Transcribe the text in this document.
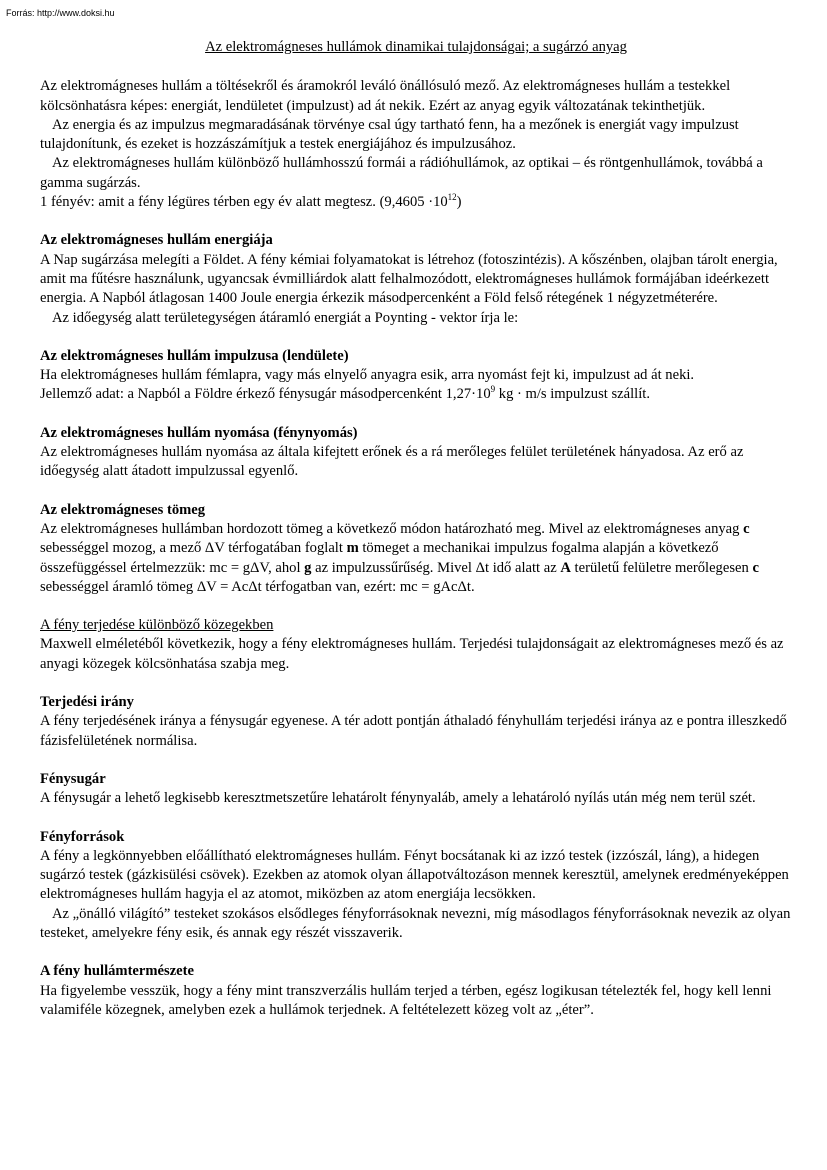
Forrás: http://www.doksi.hu

Az elektromágneses hullámok dinamikai tulajdonságai; a sugárzó anyag

Az elektromágneses hullám a töltésekről és áramokról leváló önállósuló mező. Az elektromágneses hullám a testekkel kölcsönhatásra képes: energiát, lendületet (impulzust) ad át nekik. Ezért az anyag egyik változatának tekinthetjük.

Az energia és az impulzus megmaradásának törvénye csal úgy tartható fenn, ha a mezőnek is energiát vagy impulzust tulajdonítunk, és ezeket is hozzászámítjuk a testek energiájához és impulzusához.

Az elektromágneses hullám különböző hullámhosszú formái a rádióhullámok, az optikai – és röntgenhullámok, továbbá a gamma sugárzás.

1 fényév: amit a fény légüres térben egy év alatt megtesz. $(9,4605 \cdot 10^{12})$

Az elektromágneses hullám energiája

A Nap sugárzása melegíti a Földet. A fény kémiai folyamatokat is létrehoz (fotoszintézis). A kőszénben, olajban tárolt energia, amit ma fűtésre használunk, ugyancsak évmilliárdok alatt felhalmozódott, elektromágneses hullámok formájában ideérkezett energia. A Napból átlagosan 1400 Joule energia érkezik másodpercenként a Föld felső rétegének 1 négyzetméterére.

Az időegység alatt területegységen átáramló energiát a Poynting - vektor írja le:

Az elektromágneses hullám impulzusa (lendülete)

Ha elektromágneses hullám fémlapra, vagy más elnyelő anyagra esik, arra nyomást fejt ki, impulzust ad át neki.

Jellemző adat: a Napból a Földre érkező fénysugár másodpercenként $1,27\cdot 10^9$ kg · m/s impulzust szállít.

Az elektromágneses hullám nyomása (fénynyomás)

Az elektromágneses hullám nyomása az általa kifejtett erőnek és a rá merőleges felület területének hányadosa. Az erő az időegység alatt átadott impulzussal egyenlő.

Az elektromágneses tömeg

Az elektromágneses hullámban hordozott tömeg a következő módon határozható meg. Mivel az elektromágneses anyag c sebességgel mozog, a mező ΔV térfogatában foglalt m tömeget a mechanikai impulzus fogalma alapján a következő összefüggéssel értelmezzük: mc = gΔV, ahol g az impulzussűrűség. Mivel Δt idő alatt az A területű felületre merőlegesen c sebességgel áramló tömeg ΔV = AcΔt térfogatban van, ezért: mc = gAcΔt.

A fény terjedése különböző közegekben

Maxwell elméletéből következik, hogy a fény elektromágneses hullám. Terjedési tulajdonságait az elektromágneses mező és az anyagi közegek kölcsönhatása szabja meg.

Terjedési irány

A fény terjedésének iránya a fénysugár egyenese. A tér adott pontján áthaladó fényhullám terjedési iránya az e pontra illeszkedő fázisfelületének normálisa.

Fénysugár

A fénysugár a lehető legkisebb keresztmetszetűre lehatárolt fénynyaláb, amely a lehatároló nyílás után még nem terül szét.

Fényforrások

A fény a legkönnyebben előállítható elektromágneses hullám. Fényt bocsátanak ki az izzó testek (izzószál, láng), a hidegen sugárzó testek (gázkisülési csövek). Ezekben az atomok olyan állapotváltozáson mennek keresztül, amelynek eredményeképpen elektromágneses hullám hagyja el az atomot, miközben az atom energiája lecsökken.

Az „önálló világító” testeket szokásos elsődleges fényforrásoknak nevezni, míg másodlagos fényforrásoknak nevezik az olyan testeket, amelyekre fény esik, és annak egy részét visszaverik.

A fény hullámtermészete

Ha figyelembe vesszük, hogy a fény mint transzverzális hullám terjed a térben, egész logikusan tételezték fel, hogy kell lenni valamiféle közegnek, amelyben ezek a hullámok terjednek. A feltételezett közeg volt az „éter”.
